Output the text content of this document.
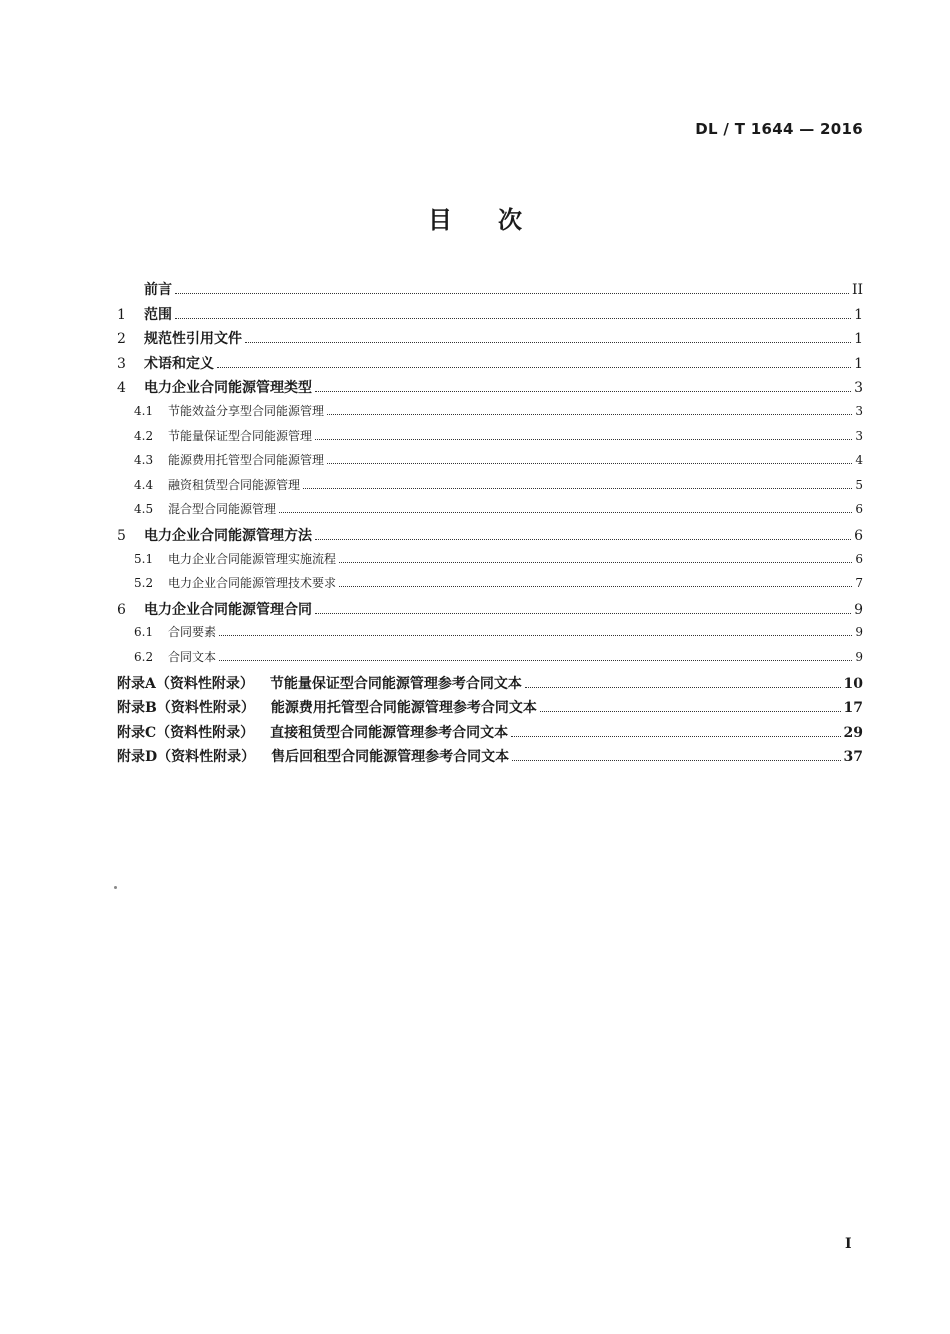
DL / T 1644 — 2016
目次
前言	II
1	范围	1
2	规范性引用文件	1
3	术语和定义	1
4	电力企业合同能源管理类型	3
4.1	节能效益分享型合同能源管理	3
4.2	节能量保证型合同能源管理	3
4.3	能源费用托管型合同能源管理	4
4.4	融资租赁型合同能源管理	5
4.5	混合型合同能源管理	6
5	电力企业合同能源管理方法	6
5.1	电力企业合同能源管理实施流程	6
5.2	电力企业合同能源管理技术要求	7
6	电力企业合同能源管理合同	9
6.1	合同要素	9
6.2	合同文本	9
附录A（资料性附录） 节能量保证型合同能源管理参考合同文本	10
附录B（资料性附录） 能源费用托管型合同能源管理参考合同文本	17
附录C（资料性附录） 直接租赁型合同能源管理参考合同文本	29
附录D（资料性附录） 售后回租型合同能源管理参考合同文本	37
I
